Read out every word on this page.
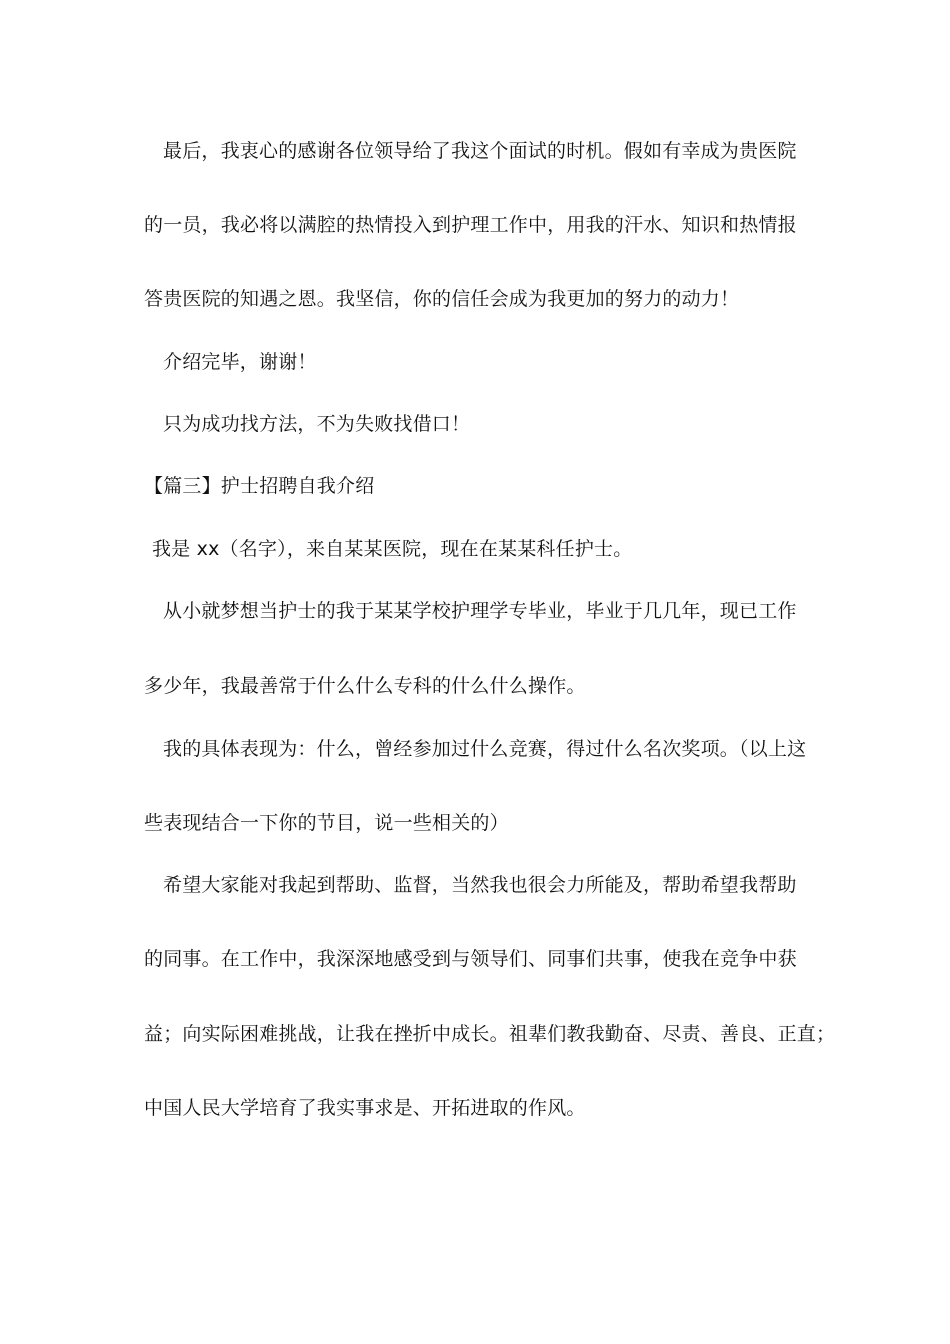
最后，我衷心的感谢各位领导给了我这个面试的时机。假如有幸成为贵医院
的一员，我必将以满腔的热情投入到护理工作中，用我的汗水、知识和热情报
答贵医院的知遇之恩。我坚信，你的信任会成为我更加的努力的动力！
介绍完毕，谢谢！
只为成功找方法，不为失败找借口！
【篇三】护士招聘自我介绍
我是 xx（名字），来自某某医院，现在在某某科任护士。
从小就梦想当护士的我于某某学校护理学专毕业，毕业于几几年，现已工作
多少年，我最善常于什么什么专科的什么什么操作。
我的具体表现为：什么，曾经参加过什么竞赛，得过什么名次奖项。（以上这
些表现结合一下你的节目，说一些相关的）
希望大家能对我起到帮助、监督，当然我也很会力所能及，帮助希望我帮助
的同事。在工作中，我深深地感受到与领导们、同事们共事，使我在竞争中获
益；向实际困难挑战，让我在挫折中成长。祖辈们教我勤奋、尽责、善良、正直；
中国人民大学培育了我实事求是、开拓进取的作风。
